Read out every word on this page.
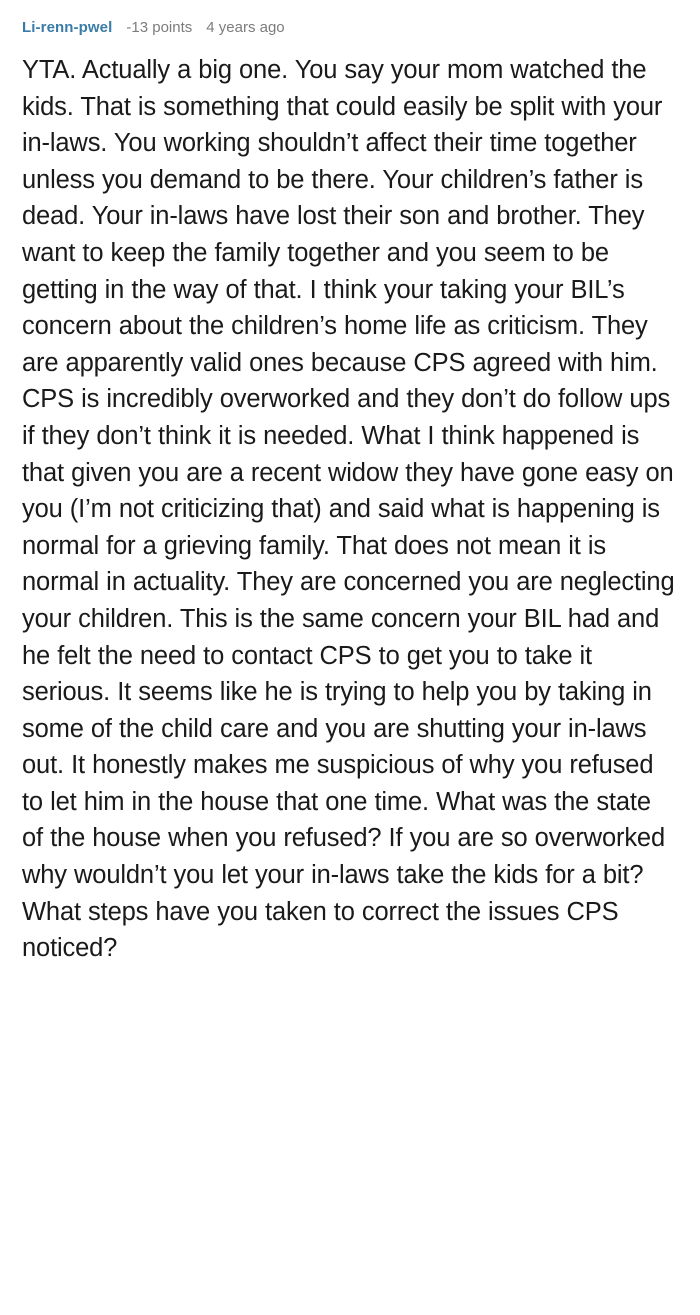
Li-renn-pwel -13 points 4 years ago
YTA. Actually a big one. You say your mom watched the kids. That is something that could easily be split with your in-laws. You working shouldn’t affect their time together unless you demand to be there. Your children’s father is dead. Your in-laws have lost their son and brother. They want to keep the family together and you seem to be getting in the way of that. I think your taking your BIL’s concern about the children’s home life as criticism. They are apparently valid ones because CPS agreed with him. CPS is incredibly overworked and they don’t do follow ups if they don’t think it is needed. What I think happened is that given you are a recent widow they have gone easy on you (I’m not criticizing that) and said what is happening is normal for a grieving family. That does not mean it is normal in actuality. They are concerned you are neglecting your children. This is the same concern your BIL had and he felt the need to contact CPS to get you to take it serious. It seems like he is trying to help you by taking in some of the child care and you are shutting your in-laws out. It honestly makes me suspicious of why you refused to let him in the house that one time. What was the state of the house when you refused? If you are so overworked why wouldn’t you let your in-laws take the kids for a bit? What steps have you taken to correct the issues CPS noticed?
